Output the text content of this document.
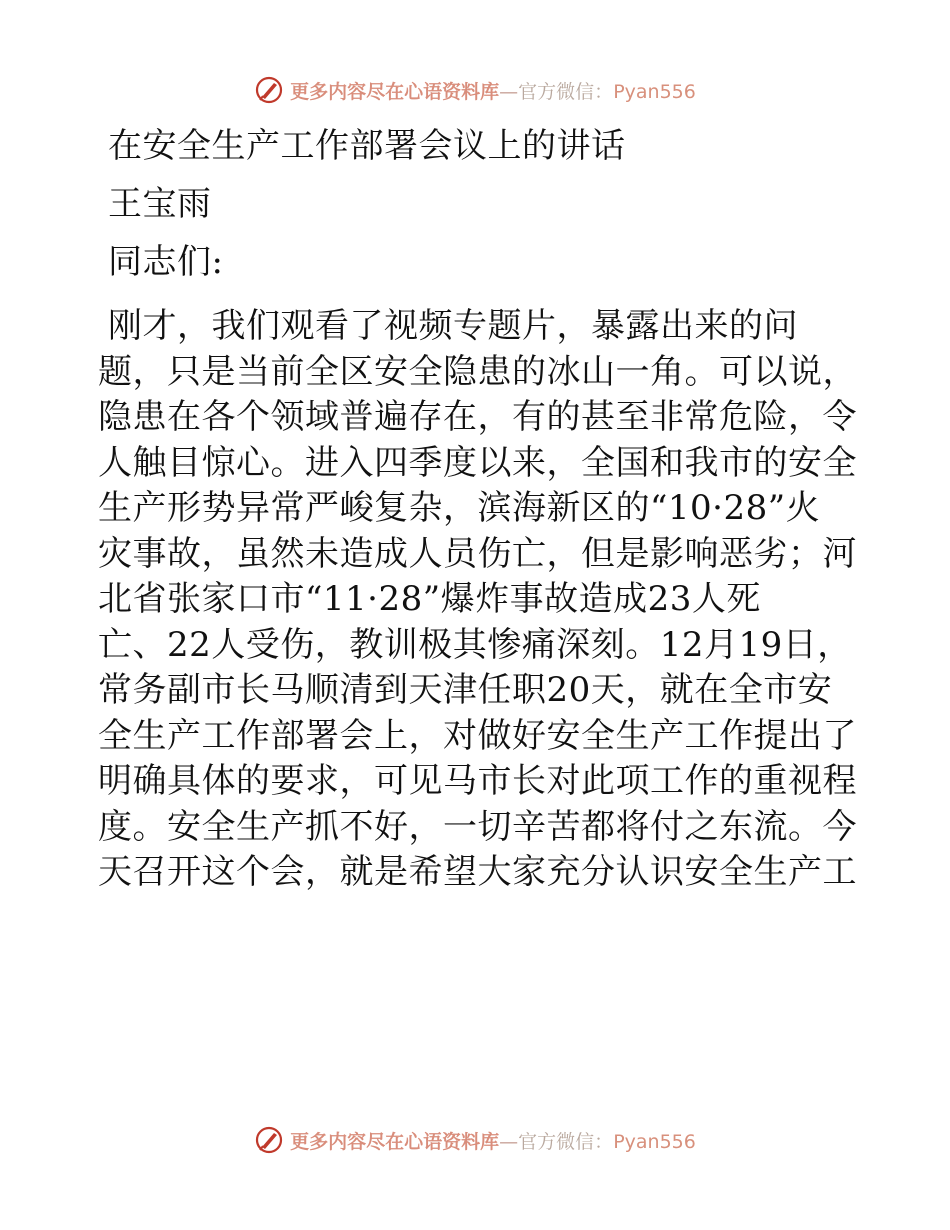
更多内容尽在心语资料库—官方微信：Pyan556
在安全生产工作部署会议上的讲话
王宝雨
同志们:
刚才，我们观看了视频专题片，暴露出来的问
题，只是当前全区安全隐患的冰山一角。可以说，
隐患在各个领域普遍存在，有的甚至非常危险，令
人触目惊心。进入四季度以来，全国和我市的安全
生产形势异常严峻复杂，滨海新区的“10·28”火
灾事故，虽然未造成人员伤亡，但是影响恶劣；河
北省张家口市“11·28”爆炸事故造成23人死
亡、22人受伤，教训极其惨痛深刻。12月19日，
常务副市长马顺清到天津任职20天，就在全市安
全生产工作部署会上，对做好安全生产工作提出了
明确具体的要求，可见马市长对此项工作的重视程
度。安全生产抓不好，一切辛苦都将付之东流。今
天召开这个会，就是希望大家充分认识安全生产工
更多内容尽在心语资料库—官方微信：Pyan556
